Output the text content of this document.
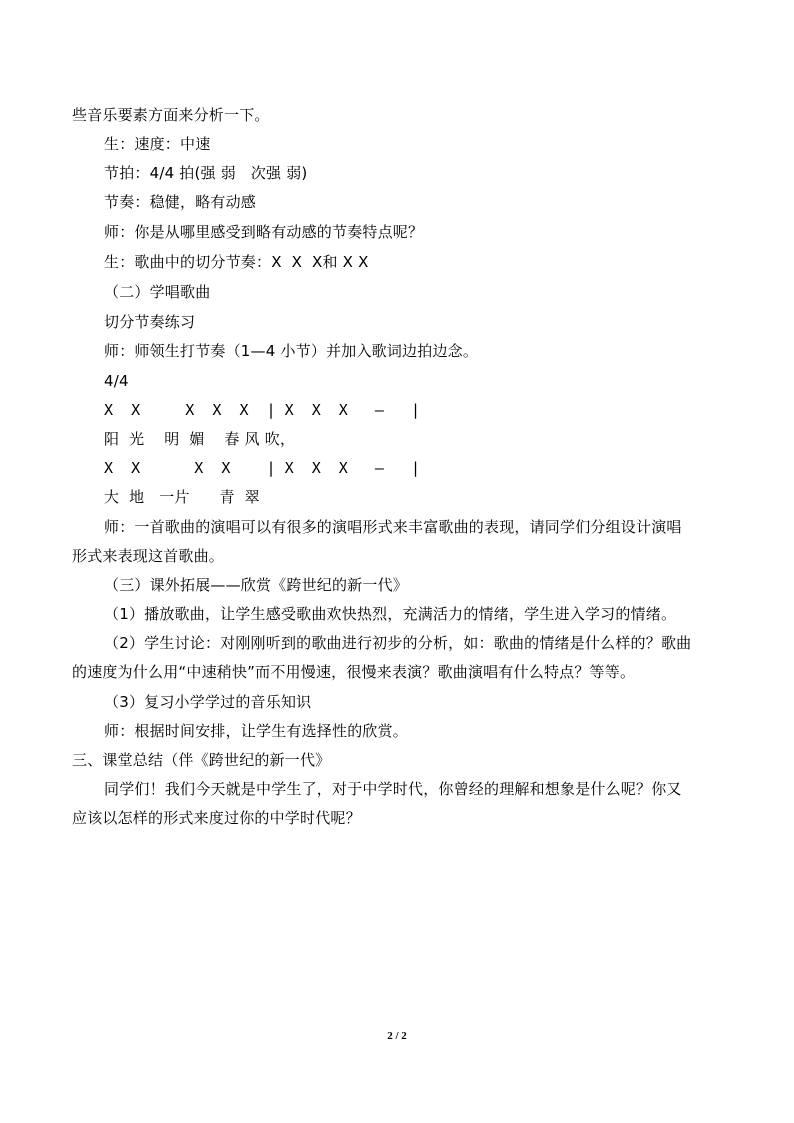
些音乐要素方面来分析一下。
生：速度：中速
节拍：4/4 拍(强 弱   次强 弱)
节奏：稳健，略有动感
师：你是从哪里感受到略有动感的节奏特点呢？
生：歌曲中的切分节奏：X  X  X和 X X
（二）学唱歌曲
切分节奏练习
师：师领生打节奏（1—4 小节）并加入歌词边拍边念。
4/4
X  X     X  X  X  | X  X  X   —   |
阳  光    明  媚    春 风 吹，
X  X      X  X    | X  X  X   —   |
大  地   一片      青  翠
师：一首歌曲的演唱可以有很多的演唱形式来丰富歌曲的表现，请同学们分组设计演唱
形式来表现这首歌曲。
（三）课外拓展——欣赏《跨世纪的新一代》
（1）播放歌曲，让学生感受歌曲欢快热烈，充满活力的情绪，学生进入学习的情绪。
（2）学生讨论：对刚刚听到的歌曲进行初步的分析，如：歌曲的情绪是什么样的？歌曲
的速度为什么用“中速稍快”而不用慢速，很慢来表演？歌曲演唱有什么特点？等等。
（3）复习小学学过的音乐知识
师：根据时间安排，让学生有选择性的欣赏。
三、课堂总结（伴《跨世纪的新一代》
同学们！我们今天就是中学生了，对于中学时代，你曾经的理解和想象是什么呢？你又
应该以怎样的形式来度过你的中学时代呢？
2 / 2
